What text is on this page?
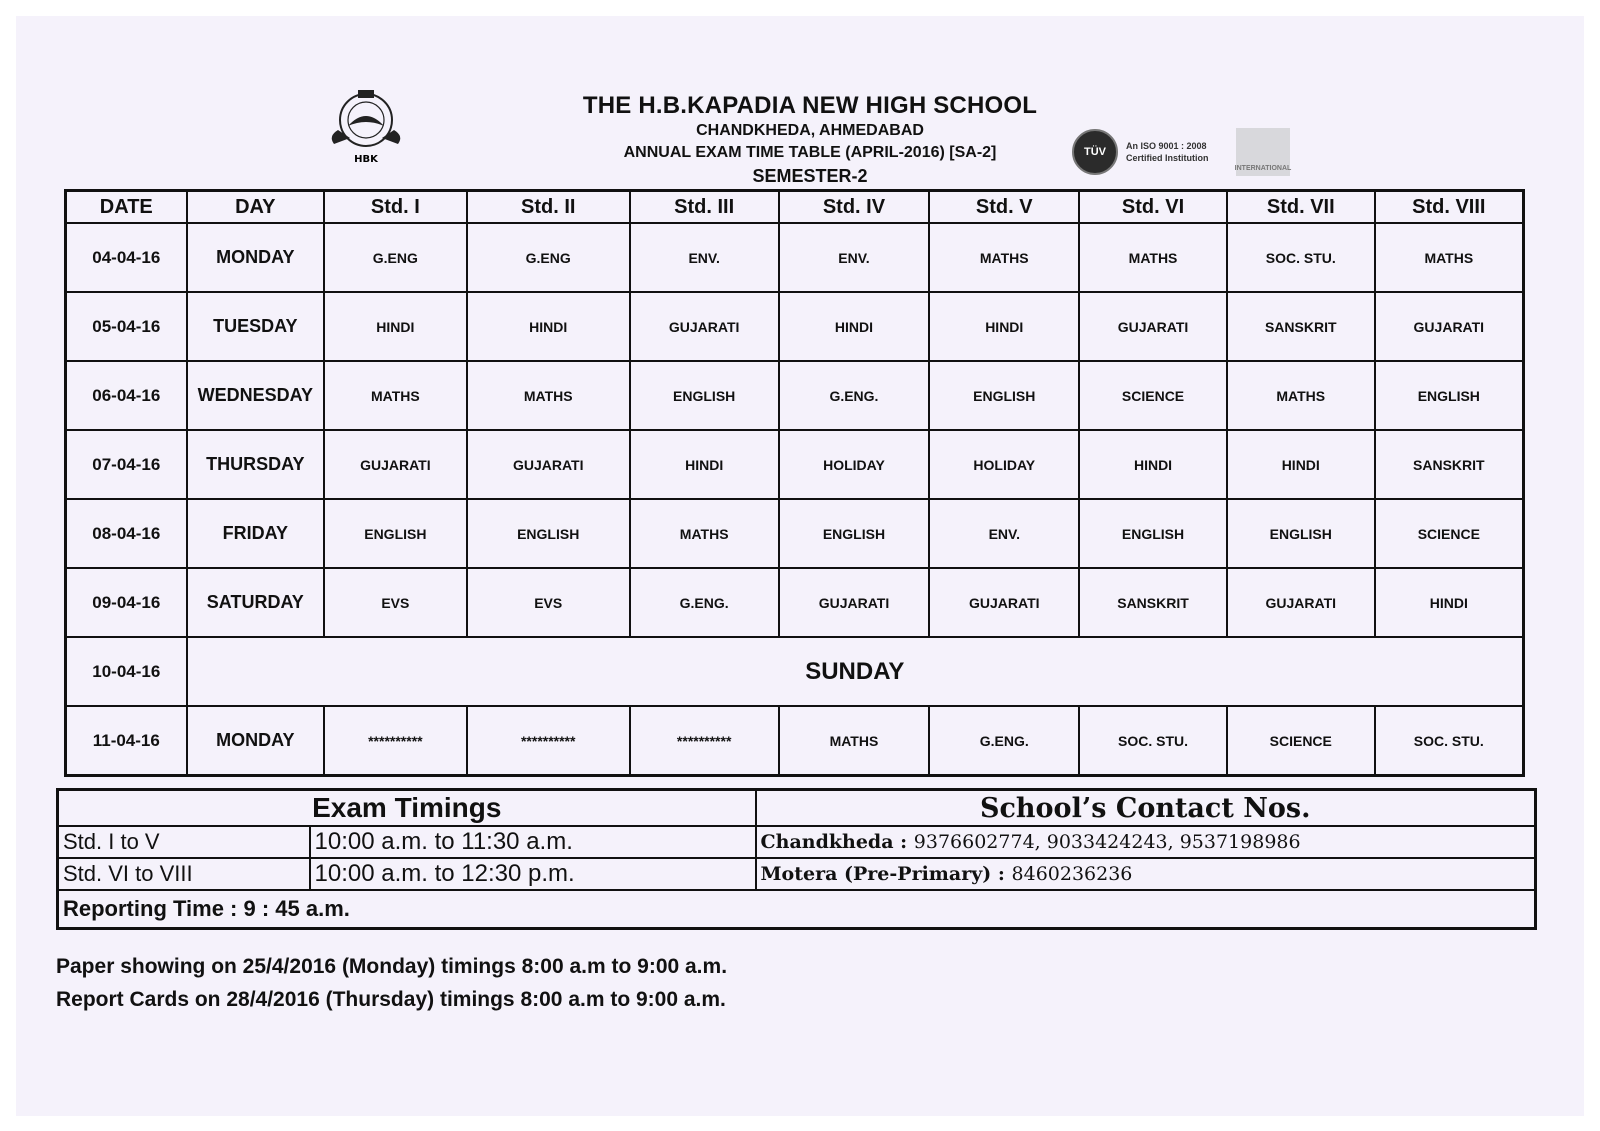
HBK
THE H.B.KAPADIA NEW HIGH SCHOOL
CHANDKHEDA, AHMEDABAD
ANNUAL EXAM TIME TABLE (APRIL-2016) [SA-2]
SEMESTER-2
TÜV	An ISO 9001 : 2008
Certified Institution
INTERNATIONAL
DATE	DAY	Std. I	Std. II	Std. III	Std. IV	Std. V	Std. VI	Std. VII	Std. VIII
04-04-16	MONDAY	G.ENG	G.ENG	ENV.	ENV.	MATHS	MATHS	SOC. STU.	MATHS
05-04-16	TUESDAY	HINDI	HINDI	GUJARATI	HINDI	HINDI	GUJARATI	SANSKRIT	GUJARATI
06-04-16	WEDNESDAY	MATHS	MATHS	ENGLISH	G.ENG.	ENGLISH	SCIENCE	MATHS	ENGLISH
07-04-16	THURSDAY	GUJARATI	GUJARATI	HINDI	HOLIDAY	HOLIDAY	HINDI	HINDI	SANSKRIT
08-04-16	FRIDAY	ENGLISH	ENGLISH	MATHS	ENGLISH	ENV.	ENGLISH	ENGLISH	SCIENCE
09-04-16	SATURDAY	EVS	EVS	G.ENG.	GUJARATI	GUJARATI	SANSKRIT	GUJARATI	HINDI
10-04-16	SUNDAY								
11-04-16	MONDAY	**********	**********	**********	MATHS	G.ENG.	SOC. STU.	SCIENCE	SOC. STU.
Exam Timings		School’s Contact Nos.
Std. I to V	10:00 a.m. to 11:30 a.m.	Chandkheda : 9376602774, 9033424243, 9537198986
Std. VI to VIII	10:00 a.m. to 12:30 p.m.	Motera (Pre-Primary) : 8460236236
Reporting Time : 9 : 45 a.m.		
Paper showing on 25/4/2016 (Monday) timings 8:00 a.m to 9:00 a.m.
Report Cards on 28/4/2016 (Thursday) timings 8:00 a.m to 9:00 a.m.
